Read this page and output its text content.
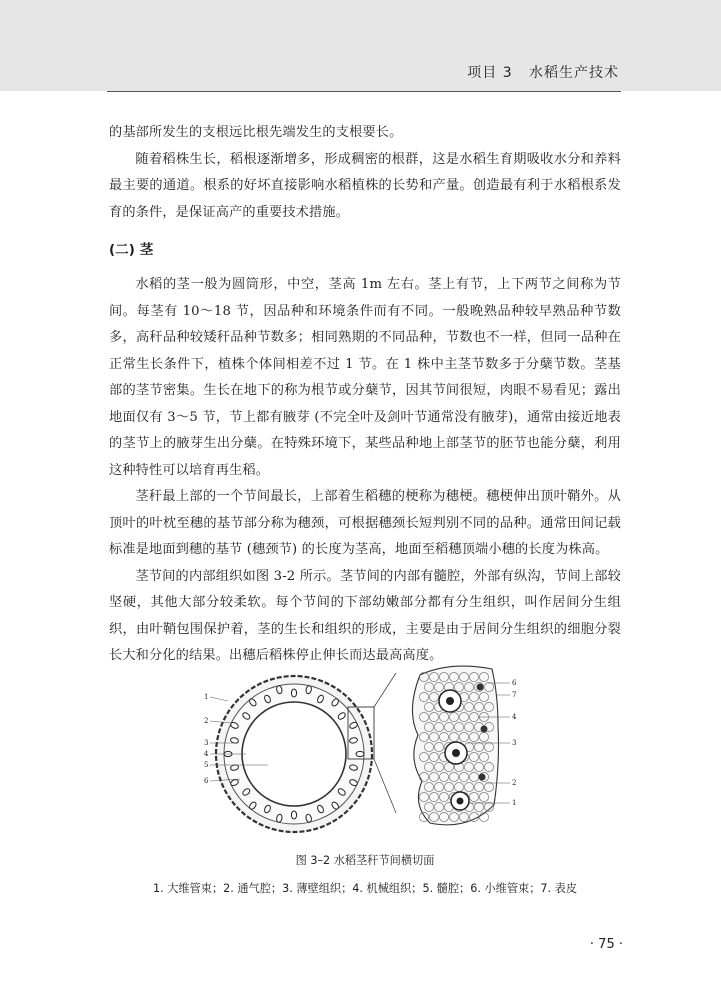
项目 3   水稻生产技术

的基部所发生的支根远比根先端发生的支根要长。

随着稻株生长，稻根逐渐增多，形成稠密的根群，这是水稻生育期吸收水分和养料最主要的通道。根系的好坏直接影响水稻植株的长势和产量。创造最有利于水稻根系发育的条件，是保证高产的重要技术措施。

(二) 茎

水稻的茎一般为圆筒形，中空，茎高 1m 左右。茎上有节，上下两节之间称为节间。每茎有 10～18 节，因品种和环境条件而有不同。一般晚熟品种较早熟品种节数多，高秆品种较矮秆品种节数多；相同熟期的不同品种，节数也不一样，但同一品种在正常生长条件下，植株个体间相差不过 1 节。在 1 株中主茎节数多于分蘖节数。茎基部的茎节密集。生长在地下的称为根节或分蘖节，因其节间很短，肉眼不易看见；露出地面仅有 3～5 节，节上都有腋芽 (不完全叶及剑叶节通常没有腋芽)，通常由接近地表的茎节上的腋芽生出分蘖。在特殊环境下，某些品种地上部茎节的胚节也能分蘖，利用这种特性可以培育再生稻。

茎秆最上部的一个节间最长，上部着生稻穗的梗称为穗梗。穗梗伸出顶叶鞘外。从顶叶的叶枕至穗的基节部分称为穗颈，可根据穗颈长短判别不同的品种。通常田间记载标准是地面到穗的基节 (穗颈节) 的长度为茎高，地面至稻穗顶端小穗的长度为株高。

茎节间的内部组织如图 3-2 所示。茎节间的内部有髓腔，外部有纵沟，节间上部较坚硬，其他大部分较柔软。每个节间的下部幼嫩部分都有分生组织，叫作居间分生组织，由叶鞘包围保护着，茎的生长和组织的形成，主要是由于居间分生组织的细胞分裂长大和分化的结果。出穗后稻株停止伸长而达最高高度。

1
2
3
4
5
6
6
7
4
3
2
1
图 3–2 水稻茎秆节间横切面
1. 大维管束；2. 通气腔；3. 薄壁组织；4. 机械组织；5. 髓腔；6. 小维管束；7. 表皮
· 75 ·
